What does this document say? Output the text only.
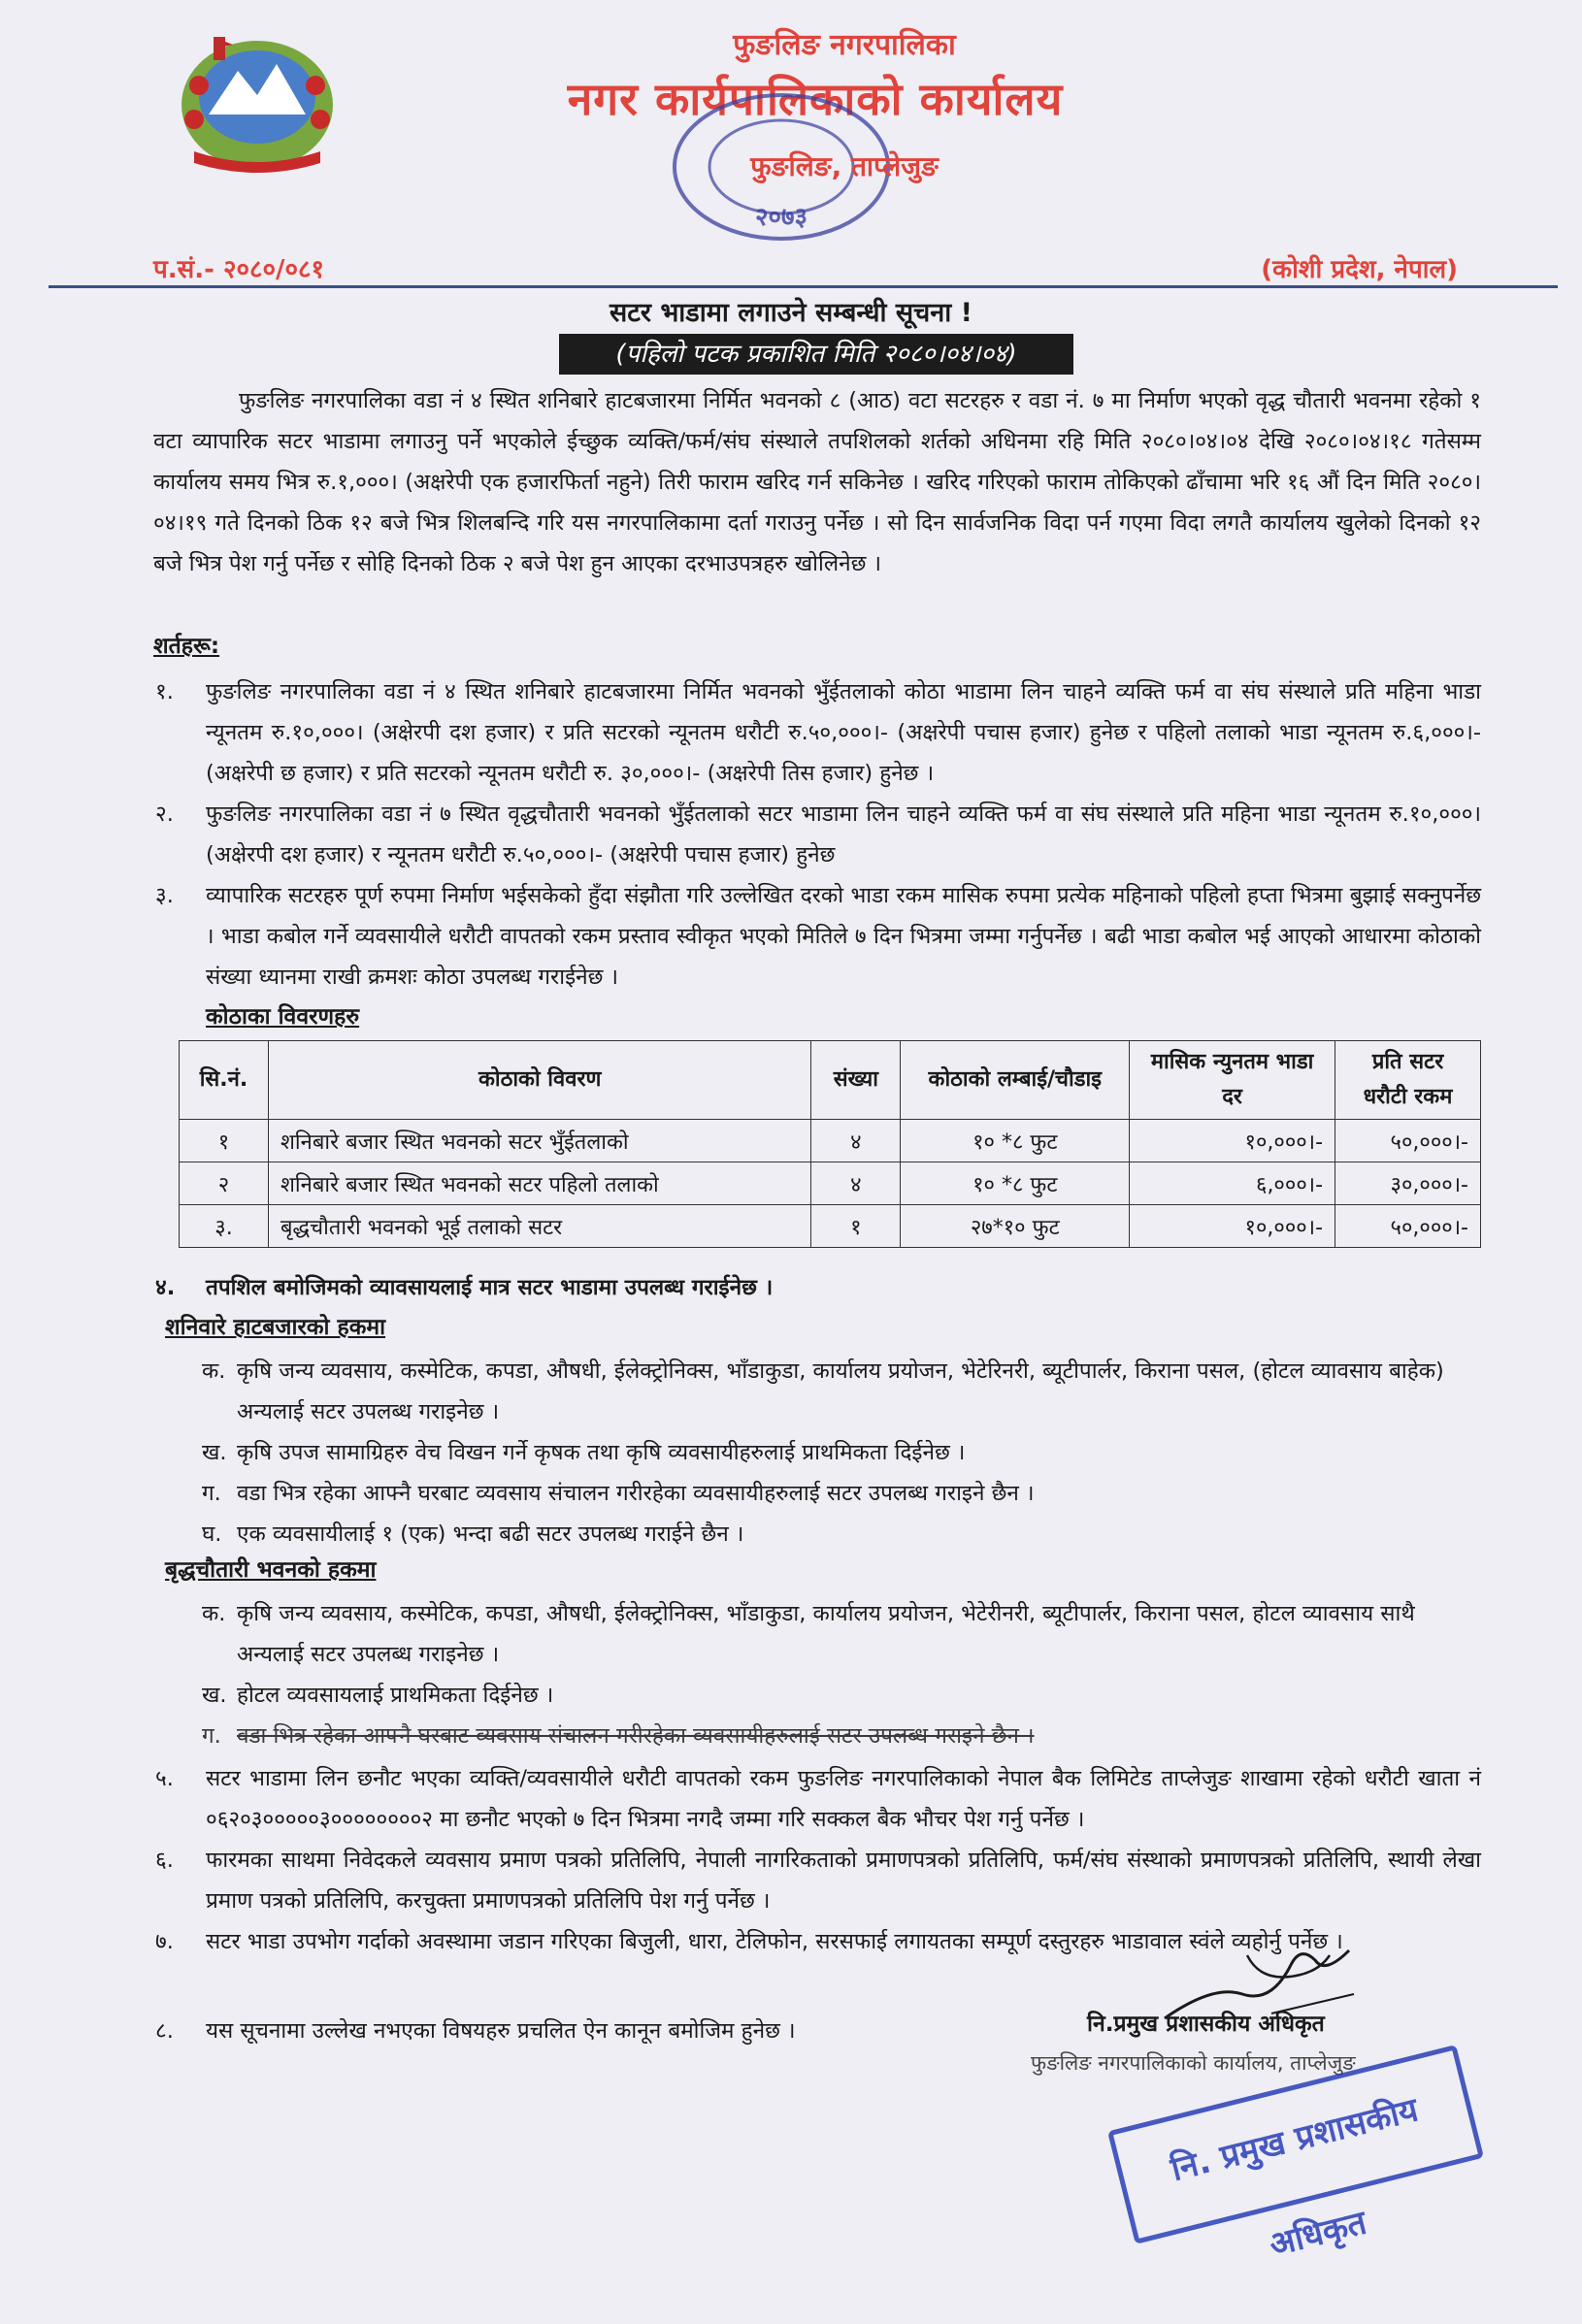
फुङलिङ नगरपालिका
नगर कार्यपालिकाको कार्यालय
२०७३
फुङलिङ, ताप्लेजुङ
प.सं.- २०८०/०८१	(कोशी प्रदेश, नेपाल)
सटर भाडामा लगाउने सम्बन्धी सूचना !
(पहिलो पटक प्रकाशित मिति २०८०।०४।०४)
फुङलिङ नगरपालिका वडा नं ४ स्थित शनिबारे हाटबजारमा निर्मित भवनको ८ (आठ) वटा सटरहरु र वडा नं. ७ मा निर्माण भएको वृद्ध चौतारी भवनमा रहेको १ वटा व्यापारिक सटर भाडामा लगाउनु पर्ने भएकोले ईच्छुक व्यक्ति/फर्म/संघ संस्थाले तपशिलको शर्तको अधिनमा रहि मिति २०८०।०४।०४ देखि २०८०।०४।१८ गतेसम्म कार्यालय समय भित्र रु.१,०००। (अक्षरेपी एक हजारफिर्ता नहुने) तिरी फाराम खरिद गर्न सकिनेछ । खरिद गरिएको फाराम तोकिएको ढाँचामा भरि १६ औं दिन मिति २०८०।०४।१९ गते दिनको ठिक १२ बजे भित्र शिलबन्दि गरि यस नगरपालिकामा दर्ता गराउनु पर्नेछ । सो दिन सार्वजनिक विदा पर्न गएमा विदा लगतै कार्यालय खुलेको दिनको १२ बजे भित्र पेश गर्नु पर्नेछ र सोहि दिनको ठिक २ बजे पेश हुन आएका दरभाउपत्रहरु खोलिनेछ ।
शर्तहरू:
१.	फुङलिङ नगरपालिका वडा नं ४ स्थित शनिबारे हाटबजारमा निर्मित भवनको भुँईतलाको कोठा भाडामा लिन चाहने व्यक्ति फर्म वा संघ संस्थाले प्रति महिना भाडा न्यूनतम रु.१०,०००। (अक्षेरपी दश हजार) र प्रति सटरको न्यूनतम धरौटी रु.५०,०००।- (अक्षरेपी पचास हजार) हुनेछ र पहिलो तलाको भाडा न्यूनतम रु.६,०००।- (अक्षरेपी छ हजार) र प्रति सटरको न्यूनतम धरौटी रु. ३०,०००।- (अक्षरेपी तिस हजार) हुनेछ ।
२.	फुङलिङ नगरपालिका वडा नं ७ स्थित वृद्धचौतारी भवनको भुँईतलाको सटर भाडामा लिन चाहने व्यक्ति फर्म वा संघ संस्थाले प्रति महिना भाडा न्यूनतम रु.१०,०००। (अक्षेरपी दश हजार) र न्यूनतम धरौटी रु.५०,०००।- (अक्षरेपी पचास हजार) हुनेछ
३.	व्यापारिक सटरहरु पूर्ण रुपमा निर्माण भईसकेको हुँदा संझौता गरि उल्लेखित दरको भाडा रकम मासिक रुपमा प्रत्येक महिनाको पहिलो हप्ता भित्रमा बुझाई सक्नुपर्नेछ । भाडा कबोल गर्ने व्यवसायीले धरौटी वापतको रकम प्रस्ताव स्वीकृत भएको मितिले ७ दिन भित्रमा जम्मा गर्नुपर्नेछ । बढी भाडा कबोल भई आएको आधारमा कोठाको संख्या ध्यानमा राखी क्रमशः कोठा उपलब्ध गराईनेछ ।
कोठाका विवरणहरु
सि.नं.	कोठाको विवरण	संख्या	कोठाको लम्बाई/चौडाइ	मासिक न्युनतम भाडा दर	प्रति सटर धरौटी रकम
१	शनिबारे बजार स्थित भवनको सटर भुँईतलाको	४	१० *८ फुट	१०,०००।-	५०,०००।-
२	शनिबारे बजार स्थित भवनको सटर पहिलो तलाको	४	१० *८ फुट	६,०००।-	३०,०००।-
३.	बृद्धचौतारी भवनको भूई तलाको सटर	१	२७*१० फुट	१०,०००।-	५०,०००।-
४.	तपशिल बमोजिमको व्यावसायलाई मात्र सटर भाडामा उपलब्ध गराईनेछ ।
शनिवारे हाटबजारको हकमा
क. कृषि जन्य व्यवसाय, कस्मेटिक, कपडा, औषधी, ईलेक्ट्रोनिक्स, भाँडाकुडा, कार्यालय प्रयोजन, भेटेरिनरी, ब्यूटीपार्लर, किराना पसल, (होटल व्यावसाय बाहेक) अन्यलाई सटर उपलब्ध गराइनेछ ।
ख. कृषि उपज सामाग्रिहरु वेच विखन गर्ने कृषक तथा कृषि व्यवसायीहरुलाई प्राथमिकता दिईनेछ ।
ग. वडा भित्र रहेका आफ्नै घरबाट व्यवसाय संचालन गरीरहेका व्यवसायीहरुलाई सटर उपलब्ध गराइने छैन ।
घ. एक व्यवसायीलाई १ (एक) भन्दा बढी सटर उपलब्ध गराईने छैन ।
बृद्धचौतारी भवनको हकमा
क. कृषि जन्य व्यवसाय, कस्मेटिक, कपडा, औषधी, ईलेक्ट्रोनिक्स, भाँडाकुडा, कार्यालय प्रयोजन, भेटेरीनरी, ब्यूटीपार्लर, किराना पसल, होटल व्यावसाय साथै अन्यलाई सटर उपलब्ध गराइनेछ ।
ख. होटल व्यवसायलाई प्राथमिकता दिईनेछ ।
ग. वडा भित्र रहेका आफ्नै घरबाट व्यवसाय संचालन गरीरहेका व्यवसायीहरुलाई सटर उपलब्ध गराइने छैन ।
५.	सटर भाडामा लिन छनौट भएका व्यक्ति/व्यवसायीले धरौटी वापतको रकम फुङलिङ नगरपालिकाको नेपाल बैक लिमिटेड ताप्लेजुङ शाखामा रहेको धरौटी खाता नं ०६२०३०००००३००००००००२ मा छनौट भएको ७ दिन भित्रमा नगदै जम्मा गरि सक्कल बैक भौचर पेश गर्नु पर्नेछ ।
६.	फारमका साथमा निवेदकले व्यवसाय प्रमाण पत्रको प्रतिलिपि, नेपाली नागरिकताको प्रमाणपत्रको प्रतिलिपि, फर्म/संघ संस्थाको प्रमाणपत्रको प्रतिलिपि, स्थायी लेखा प्रमाण पत्रको प्रतिलिपि, करचुक्ता प्रमाणपत्रको प्रतिलिपि पेश गर्नु पर्नेछ ।
७.	सटर भाडा उपभोग गर्दाको अवस्थामा जडान गरिएका बिजुली, धारा, टेलिफोन, सरसफाई लगायतका सम्पूर्ण दस्तुरहरु भाडावाल स्वंले व्यहोर्नु पर्नेछ ।
८.	यस सूचनामा उल्लेख नभएका विषयहरु प्रचलित ऐन कानून बमोजिम हुनेछ ।	नि.प्रमुख प्रशासकीय अधिकृत
फुङलिङ नगरपालिकाको कार्यालय, ताप्लेजुङ
नि. प्रमुख प्रशासकीय अधिकृत
